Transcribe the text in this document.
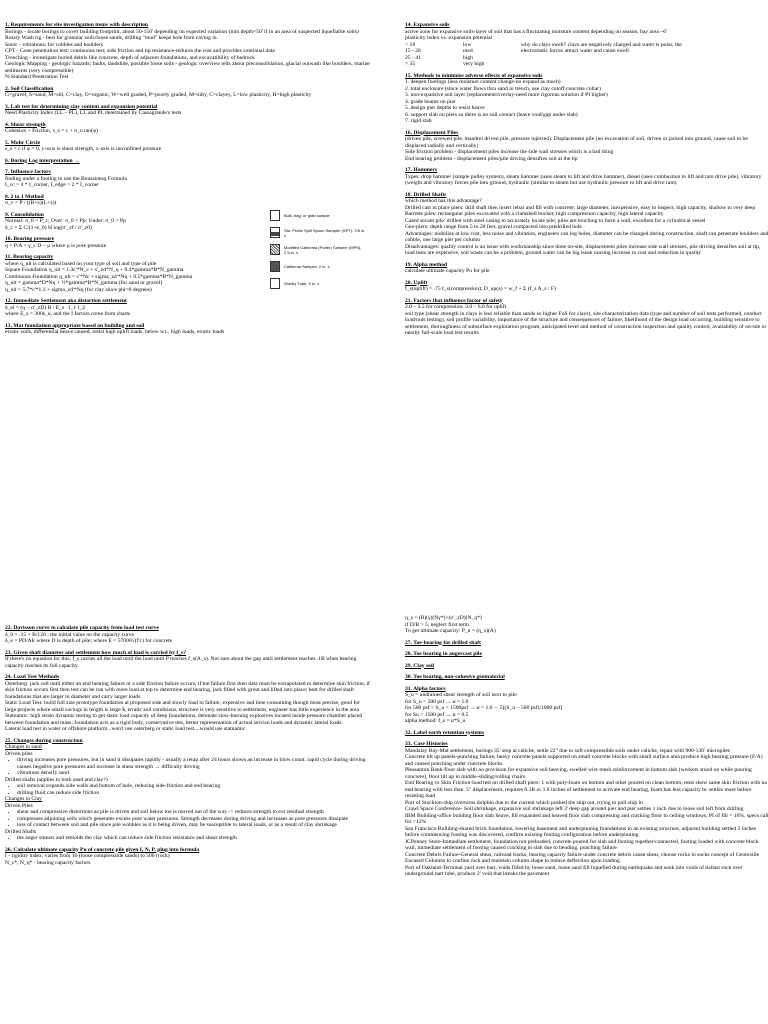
1. Requirements for site investigation items with description

Borings - locate borings to cover building footprint, about 50-150' depending on expected variation (min depth=50' if in an area of suspected liquefiable soils)

Rotary Wash rig - best for granular soils/loose sands, drilling "mud" keeps hole from caving in.

Sonic - vibrations; for cobbles and boulders

CPT - Cone penetration test; continuous test; side friction and tip resistance-reduces the cost and provides continual data

Trenching - investigate buried debris like concrete, depth of adjacent foundations, and excavatibility of bedrock

Geologic Mapping - geologic hazards; faults, landslide, possible loose soils - geologic overview tells about preconsolidation, glacial outwash like boulders, marine sediments (very compressible)

N-Standard Penetration Test

2. Soil Classification

G=gravel, S=sand, M=silt, C=clay, O=organic, W=well graded, P=poorly graded, M=silty, C=clayey, L=low plasticity, H=high plasticity

3. Lab test for determining clay content and expansion potential

Need Plasticity Index (LL – PL), LL and PL determined by Cassagrande's tests

4. Shear strength

Cohesion + Friction, s_s = c + σ_n tan(φ)

5. Mohr Circle

s_s = c if φ = 0, y-axis is shear strength, x-axis is unconfined pressure

6. Boring Log interpretation →

7. Influence factors

finding under a footing to use the Boussinesq Formula

I_cc = 4 * I_corner, I_edge = 2 * I_corner

8. 2 to 1 Method

σ_v = P / ((B+z)(L+z))

9. Consolidation

Normal: σ_0 = P_c; Over: σ_0 < Pp; Under: σ_0 > Pp

δ_c = Σ C/(1+e_0) H log(σ'_zf / σ'_z0)

10. Bearing pressure

q = P/A + γ_c D − μ where μ is pore pressure

11. Bearing capacity

where q_ult is calculated based on your type of soil and type of pile

Square Foundation q_ult = 1.3c'*N_c + s'_zd*N_q + 0.4*gamma*B*N_gamma

Continuous Foundation q_ult = c'*Nc + sigma_zd'*Nq + 0.5*gamma*B*N_gamma

q_ult = gamma*D*Nq + ½*gamma*B*N_gamma (for sand or gravel)

q_ult = 5.7*c'*1.3 + sigma_zd'*Nq (for clay since phi=0 degrees)

12. Immediate Settlement aka distortion settlement

δ_el = (q − σ'_zD) B / E_s · I_1 I_2

where E_s = 300s_u, and the I factors come from charts

13. Mat foundation appropriate based on building and soil

erratic soils, differential heave caused, resist high uplift loads, below w.t., high loads, erratic loads

Bulk, bag, or grab sample
Std. Probe Split Spoon Sampler (SPT), 7/8 in. x
Modified California (Porter) Sampler (MPS), 2.5 in. x
California Sampler, 2 in. x
Shelby Tube, 3 in. x

14. Expansive soils

active zone for expansive soils-layer of soil that has a fluctuating moisture content depending on season, bay area ~6'

plasticity index vs. expansion potential

< 18	low	why do clays swell? clays are negatively charged and water is polar, the
15 - 28	med	electrostatic forces attract water and cause swell
25 - 41	high
> 35	very high

15. Methods to minimize adverse effects of expansive soils

1. deepen footings (less moisture content change-no expand as much)

2. total enclosure (since water flows thru sand in trench, use clay cutoff concrete collar)

3. non-expansive soil layer (replacement/overlay-need more rigorous solution if PI higher)

4. grade beams on pier

5. design pier depths to resist heave

6. support slab on piers so there is no soil contact (leave void/gap under slab)

7. rigid slab

16. Displacement Piles

(driven pile, screwed pile, mandrel driven pile, pressure injected). Displacement pile (no excavation of soil, driven or jacked into ground, cause soil to be displaced radially and vertically)

Side friction problem - displacement piles increase the side wall stresses which is a bad thing

End bearing problem - displacement piles/pile driving densifies soil at the tip

17. Hammers

Types: drop hammer (simple pulley system), steam hammer (uses steam to lift and drive hammer), diesel (uses combustion to lift and ram drive pile), vibratory (weight and vibratory forces pile into ground, hydraulic (similar to steam but use hydraulic pressure to lift and drive ram)

18. Drilled Shafts

which method has this advantage?

Drilled cast in place piers: drill shaft then insert rebar and fill with concrete; large diameter, inexpensive, easy to inspect, high capacity, shallow to very deep

Barrette piles: rectangular piles excavated with a clamshell bucket; high compression capacity, high lateral capacity

Cased secant pile: drilled with steel casing to accurately locate pile; piles are touching to form a wall, excellent for a cylindrical vessel

Geo-piers: depth range from 5 to 20 feet, gravel compacted into predrilled hole

Advantages: mobilize at low cost, less noise and vibration, engineers can log holes, diameter can be changed during construction, shaft can penetrate boulders and cobble, one large pier per column

Disadvantages: quality control is an issue with workmanship since done on-site, displacement piles increase side wall stresses, pile driving densifies soil at tip, load tests are expensive, soil waste can be a problem, ground water can be big issue causing increase in cost and reduction in quality

19. Alpha method

calculate ultimate capacity Pu for pile

20. Uplift

f_s(uplift) = .75 f_s(compression); D_up(a) = w_f + Σ (f_s A_s / F)

21. Factors that influence factor of safety

2.0 – 3.5 for compression; 3.0 – 6.0 for uplift

soil type (shear strength in clays is less reliable than sands so higher FoS for clays), site characterization data (type and number of soil tests performed, conduct load/nuts testing), soil profile variability, importance of the structure and consequences of failure, likelihood of the design load occurring, building sensitive to settlement, thoroughness of subsurface exploration program, anticipated level and method of construction inspection and quality control, availability of on-site or nearby full-scale load test results

22. Davisson curve to calculate pile capacity from load test curve

δ_0 = .15 + B/120 ; the initial value on the capacity curve

δ_e = PD/AE where D is depth of pile; where E = 57000√(f'c) for concrete

23. Given shaft diameter and settlement how much of load is carried by f_s?

If there's no equation for this, f_s carries all the load until the load until P reaches f_s(A_s). Not sure about the gap until settlement reaches .1B when bearing capacity reaches its full capacity.

24. Load Test Methods

Osterberg: jack cell until either an end bearing failure or a side friction failure occurs, if toe failure first then data must be extrapolated to determine skin friction, if skin friction occurs first then test can be run with more load at top to determine end bearing, jack filled with grout and lifted into place; best for drilled shaft foundations that are larger in diameter and carry larger loads

Static Load Test: build full size prototype foundation at proposed side and slowly load to failure, expensive and time consuming though most precise, good for large projects where small savings in length is large $, erratic soil conditions, structure is very sensitive to settlement, engineer has little experience in the area

Statnamic: high strain dynamic testing to get static load capacity of deep foundations, detonate slow-burning explosives located inside pressure chamber placed between foundation and mass; foundation acts as a rigid body, conservative test, better representation of actual service loads and dynamic lateral loads

Lateral load test in water or offshore platform...won't use osterberg or static load test....would use statnamic

25. Changes during construction

Changes in sand

Driven piles

• driving increases pore pressures, but in sand it dissipates rapidly - usually a retap after 24 hours shows an increase in blow count. rapid cycle during driving causes negative pore pressures and increase in shear strength → difficulty driving
• vibrations densify sand

Drilled shafts (applies to both sand and clay?)

• soil removal expands side walls and bottom of hole, reducing side-friction and end bearing
• drilling fluid can reduce side friction

Changes in Clay

Driven Piles

• shear and compressive distortions as pile is driven and soil below toe is moved out of the way -> reduces strength to ext residual strength
• compresses adjoining soils which generates excess pore water pressures. Strength decreases during driving and increases as pore pressures dissipate
• loss of contact between soil and pile since pile wobbles as it is being driven, may be susceptible to lateral loads, or as a result of clay shrinkage

Drilled Shafts

• the auger smears and remolds the clay which can reduce side friction resistance and shear strength

26. Calculate ultimate capacity Pu of concrete pile given I, N, P. plug into formula

I - rigidity index; varies from 10 (loose compressible sands) to 500 (rock)

N_c*, N_q* - bearing capacity factors

q_s = (B)(γ)(Nγ*)+(σ'_zD)(N_q*)

if D/B > 5, neglect first term

To get ultimate capacity: P_u = (q_s)(A)

27. Toe-bearing for drilled shaft

28. Toe bearing in augercast pile

29. Clay soil

30. Toe bearing, non-cohesive geomaterial

31. Alpha factors

S_u = undrained shear strength of soil next to pile

for S_u < 500 psf → α = 1.0

for 500 psf < S_u < 1500psf → α = 1.0 − .5[(S_u − 500 psf)/1000 psf]

for Su > 1500 psf → α = 0.5

alpha method: f_s = α*S_u

32. Label earth retention systems

33. Case Histories

Mandalay Bay-Mat settlement, borings 35' stop at caliche, settle 22" due to soft compressible soils under caliche, repair with 900-130' micropiles

Concrete tilt up panels-punching failure, heavy concrete panels supported on small concrete blocks with small surface area produce high bearing pressure (F/A) and caused punching under concrete blocks

Pleasanton Bank-floor slab with no provision for expansive soil heaving, swelled wire mesh reinforcement in bottom slab (workers stood on while pouring concrete), floor tilt up in middle-sliding/rolling chairs

End Bearing vs Skin Friction-load test on drilled shaft piers: 1 with poly-foam on bottom and other poured on clean bottom; tests show same skin friction with no end bearing with less than .5" displacement, requires 0.1B or 1.8 inches of settlement to activate end bearing, foam has less capacity bc settles more before resisting load

Port of Stockton-ship overturns dolphin due to the current which pushed the ship out, trying to pull ship in

Crawl Space Conference- Soil shrinkage, expansive soil shrinkage left 3' deep gap around pier and pier settles 1 inch due to loose soil left from drilling

IBM Building-office building floor slab heave, fill expanded and heaved floor slab compressing and cracking floor to ceiling windows, PI of fill = 16%, specs call for <12%

San Francisco Building-shared brick foundation, lowering basement and underpinning foundations to an existing structure, adjacent building settled 2 inches before commencing footing was discovered, confirm existing footing configuration before underpinning

JCPenney Store-Immediate settlement, foundation not preloaded, concrete poured for slab and footing together/connected, footing loaded with concrete block wall, immediate settlement of footing caused cracking in slab due to bending, punching failure

Concrete Debris Failure-General shear, railroad tracks, bearing capacity failure under concrete debris cause shear, choose rocks in socks concept of Geotextile Encased Columns to confine rock and maintain column shape to reduce deflection upon loading

Port of Oakland-Terminal yard over bart, voids filled by loose sand, loose sand fill liquefied during earthquake and sunk into voids of ballast rock over underground bart tube, produce 2' void that breaks the pavement
